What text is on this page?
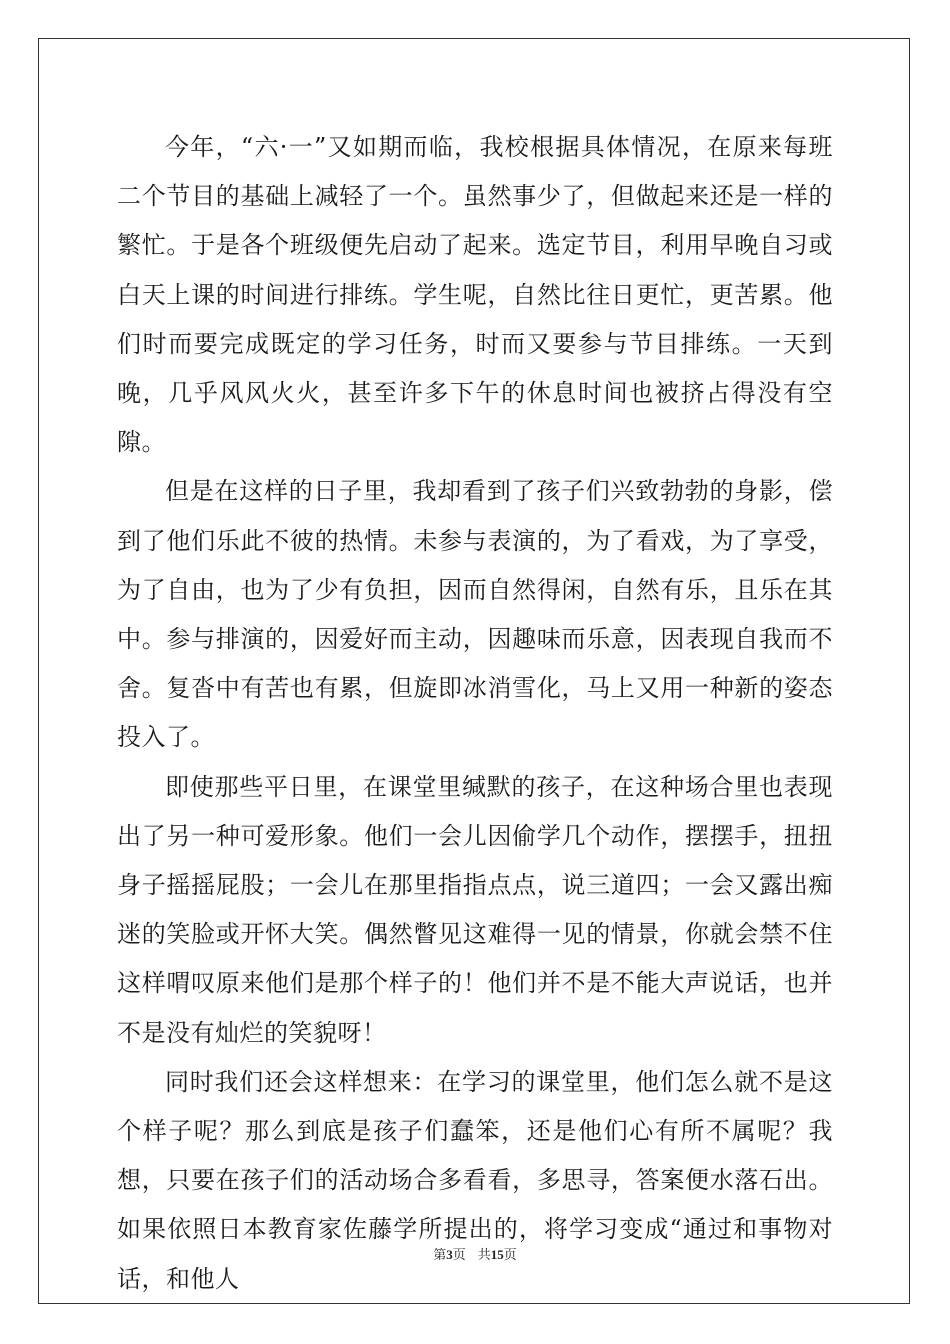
今年，“六·一”又如期而临，我校根据具体情况，在原来每班二个节目的基础上减轻了一个。虽然事少了，但做起来还是一样的繁忙。于是各个班级便先启动了起来。选定节目，利用早晚自习或白天上课的时间进行排练。学生呢，自然比往日更忙，更苦累。他们时而要完成既定的学习任务，时而又要参与节目排练。一天到晚，几乎风风火火，甚至许多下午的休息时间也被挤占得没有空隙。

但是在这样的日子里，我却看到了孩子们兴致勃勃的身影，偿到了他们乐此不彼的热情。未参与表演的，为了看戏，为了享受，为了自由，也为了少有负担，因而自然得闲，自然有乐，且乐在其中。参与排演的，因爱好而主动，因趣味而乐意，因表现自我而不舍。复沓中有苦也有累，但旋即冰消雪化，马上又用一种新的姿态投入了。

即使那些平日里，在课堂里缄默的孩子，在这种场合里也表现出了另一种可爱形象。他们一会儿因偷学几个动作，摆摆手，扭扭身子摇摇屁股；一会儿在那里指指点点，说三道四；一会又露出痴迷的笑脸或开怀大笑。偶然瞥见这难得一见的情景，你就会禁不住这样喟叹原来他们是那个样子的！他们并不是不能大声说话，也并不是没有灿烂的笑貌呀！

同时我们还会这样想来：在学习的课堂里，他们怎么就不是这个样子呢？那么到底是孩子们蠢笨，还是他们心有所不属呢？我想，只要在孩子们的活动场合多看看，多思寻，答案便水落石出。如果依照日本教育家佐藤学所提出的，将学习变成“通过和事物对话，和他人

第3页 共15页
